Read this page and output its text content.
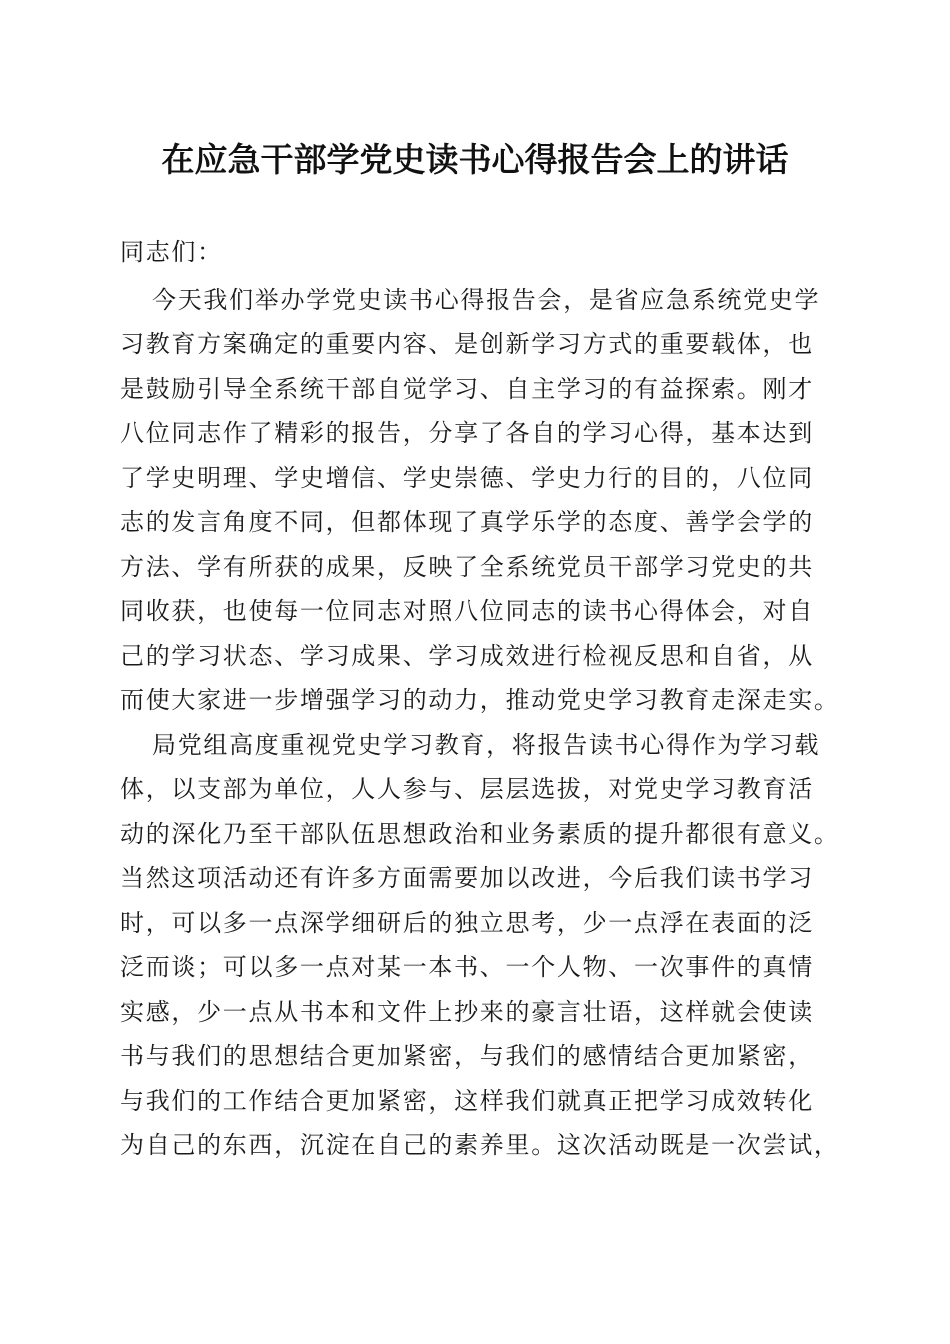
在应急干部学党史读书心得报告会上的讲话
同志们：
今天我们举办学党史读书心得报告会，是省应急系统党史学
习教育方案确定的重要内容、是创新学习方式的重要载体，也
是鼓励引导全系统干部自觉学习、自主学习的有益探索。刚才
八位同志作了精彩的报告，分享了各自的学习心得，基本达到
了学史明理、学史增信、学史崇德、学史力行的目的，八位同
志的发言角度不同，但都体现了真学乐学的态度、善学会学的
方法、学有所获的成果，反映了全系统党员干部学习党史的共
同收获，也使每一位同志对照八位同志的读书心得体会，对自
己的学习状态、学习成果、学习成效进行检视反思和自省，从
而使大家进一步增强学习的动力，推动党史学习教育走深走实。
局党组高度重视党史学习教育，将报告读书心得作为学习载
体，以支部为单位，人人参与、层层选拔，对党史学习教育活
动的深化乃至干部队伍思想政治和业务素质的提升都很有意义。
当然这项活动还有许多方面需要加以改进，今后我们读书学习
时，可以多一点深学细研后的独立思考，少一点浮在表面的泛
泛而谈；可以多一点对某一本书、一个人物、一次事件的真情
实感，少一点从书本和文件上抄来的豪言壮语，这样就会使读
书与我们的思想结合更加紧密，与我们的感情结合更加紧密，
与我们的工作结合更加紧密，这样我们就真正把学习成效转化
为自己的东西，沉淀在自己的素养里。这次活动既是一次尝试，
